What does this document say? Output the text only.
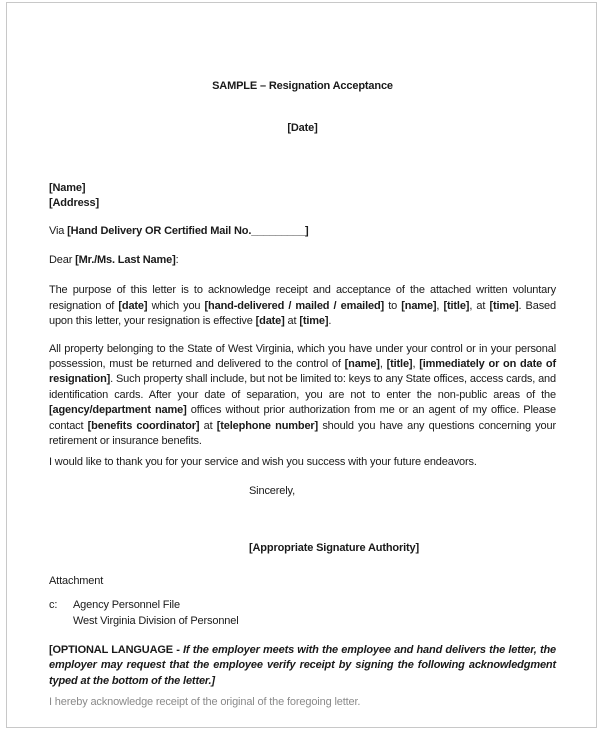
SAMPLE – Resignation Acceptance

[Date]

[Name]

[Address]

Via [Hand Delivery OR Certified Mail No._________]

Dear [Mr./Ms. Last Name]:

The purpose of this letter is to acknowledge receipt and acceptance of the attached written voluntary resignation of [date] which you [hand-delivered / mailed / emailed] to [name], [title], at [time]. Based upon this letter, your resignation is effective [date] at [time].

All property belonging to the State of West Virginia, which you have under your control or in your personal possession, must be returned and delivered to the control of [name], [title], [immediately or on date of resignation]. Such property shall include, but not be limited to: keys to any State offices, access cards, and identification cards. After your date of separation, you are not to enter the non-public areas of the [agency/department name] offices without prior authorization from me or an agent of my office. Please contact [benefits coordinator] at [telephone number] should you have any questions concerning your retirement or insurance benefits.

I would like to thank you for your service and wish you success with your future endeavors.

Sincerely,

[Appropriate Signature Authority]

Attachment

c:	Agency Personnel File

West Virginia Division of Personnel

[OPTIONAL LANGUAGE - If the employer meets with the employee and hand delivers the letter, the employer may request that the employee verify receipt by signing the following acknowledgment typed at the bottom of the letter.]

I hereby acknowledge receipt of the original of the foregoing letter.
